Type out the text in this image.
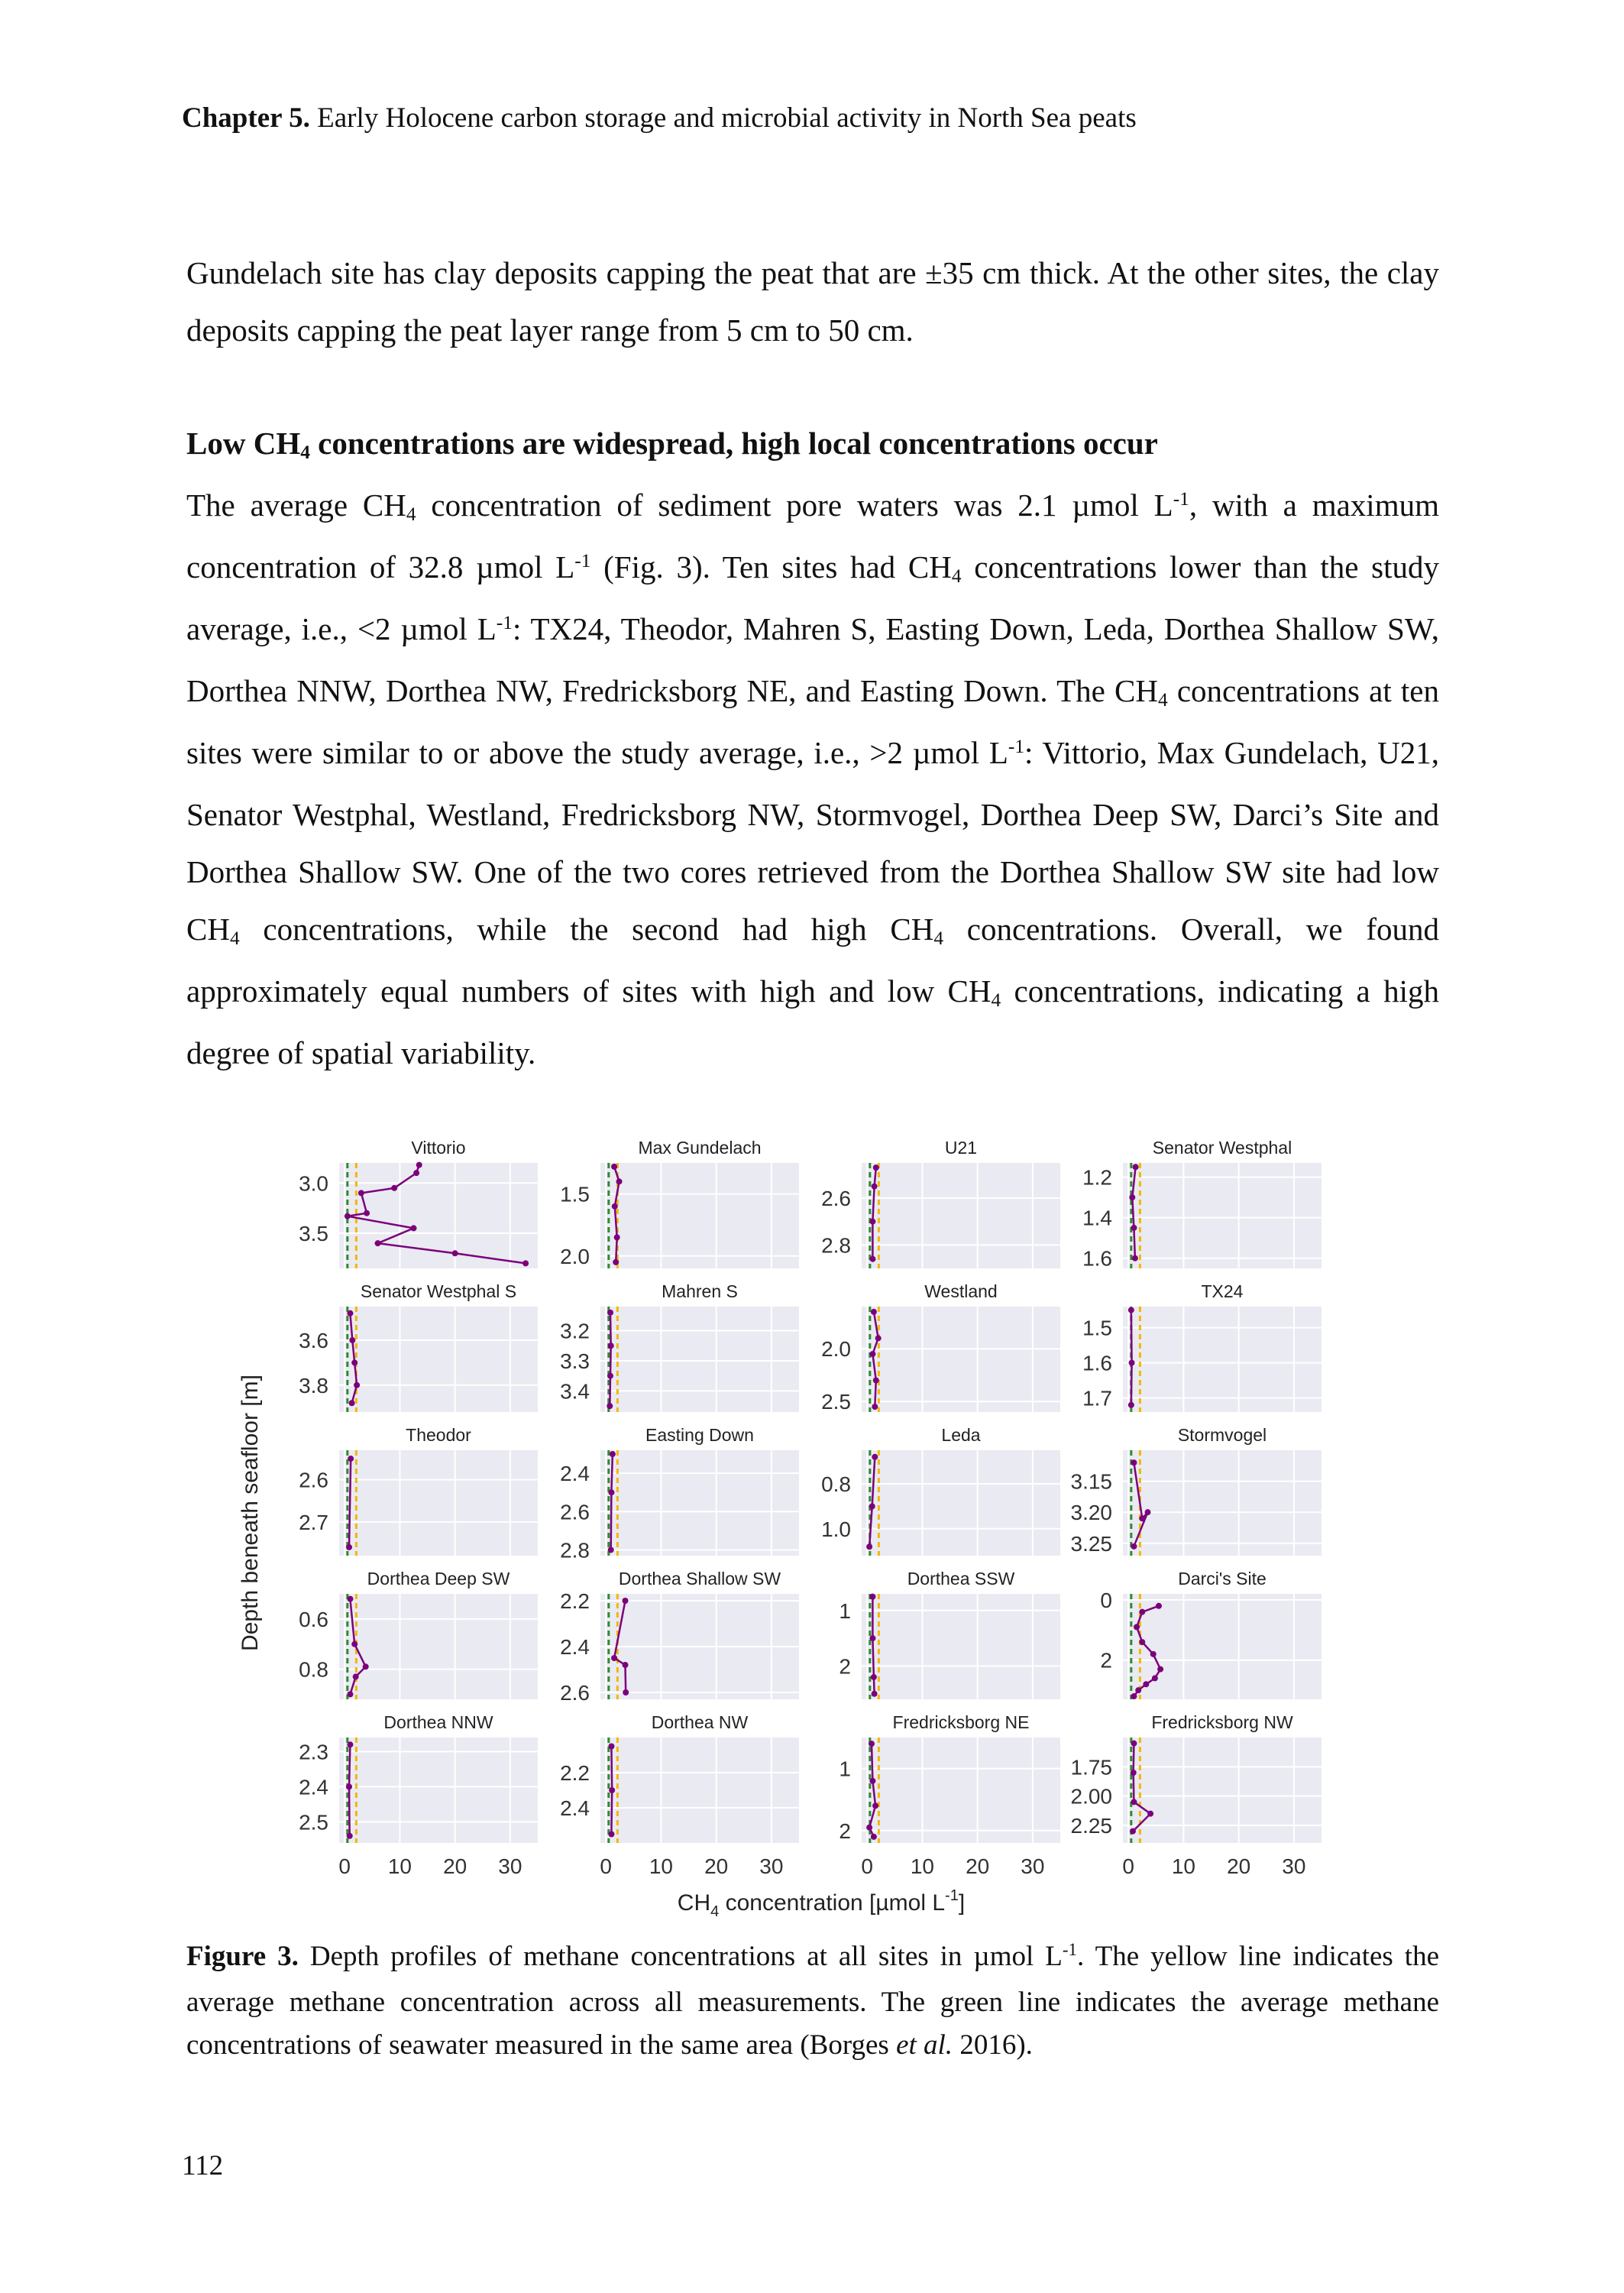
Chapter 5. Early Holocene carbon storage and microbial activity in North Sea peats

Gundelach site has clay deposits capping the peat that are ±35 cm thick. At the other sites, the clay deposits capping the peat layer range from 5 cm to 50 cm.

Low $CH_4$ concentrations are widespread, high local concentrations occur

The average $CH_4$ concentration of sediment pore waters was 2.1 µmol $L^{-1}$, with a maximum concentration of 32.8 µmol $L^{-1}$ (Fig. 3). Ten sites had $CH_4$ concentrations lower than the study average, i.e., <2 µmol $L^{-1}$: TX24, Theodor, Mahren S, Easting Down, Leda, Dorthea Shallow SW, Dorthea NNW, Dorthea NW, Fredricksborg NE, and Easting Down. The $CH_4$ concentrations at ten sites were similar to or above the study average, i.e., >2 µmol $L^{-1}$: Vittorio, Max Gundelach, U21, Senator Westphal, Westland, Fredricksborg NW, Stormvogel, Dorthea Deep SW, Darci’s Site and Dorthea Shallow SW. One of the two cores retrieved from the Dorthea Shallow SW site had low $CH_4$ concentrations, while the second had high $CH_4$ concentrations. Overall, we found approximately equal numbers of sites with high and low $CH_4$ concentrations, indicating a high degree of spatial variability.

Depth beneath seafloor [m]
$CH_4$ concentration [µmol $L^{-1}$]
3.0
3.5
Vittorio
1.5
2.0
Max Gundelach
2.6
2.8
U21
1.2
1.4
1.6
Senator Westphal
3.6
3.8
Senator Westphal S
3.2
3.3
3.4
Mahren S
2.0
2.5
Westland
1.5
1.6
1.7
TX24
2.6
2.7
Theodor
2.4
2.6
2.8
Easting Down
0.8
1.0
Leda
3.15
3.20
3.25
Stormvogel
0.6
0.8
Dorthea Deep SW
2.2
2.4
2.6
Dorthea Shallow SW
1
2
Dorthea SSW
0
2
Darci's Site
2.3
2.4
2.5
Dorthea NNW
0 10 20 30
2.2
2.4
Dorthea NW
0 10 20 30
1
2
Fredricksborg NE
0 10 20 30
1.75
2.00
2.25
Fredricksborg NW
0 10 20 30
Figure 3. Depth profiles of methane concentrations at all sites in µmol $L^{-1}$. The yellow line indicates the average methane concentration across all measurements. The green line indicates the average methane concentrations of seawater measured in the same area (Borges et al. 2016).
112
